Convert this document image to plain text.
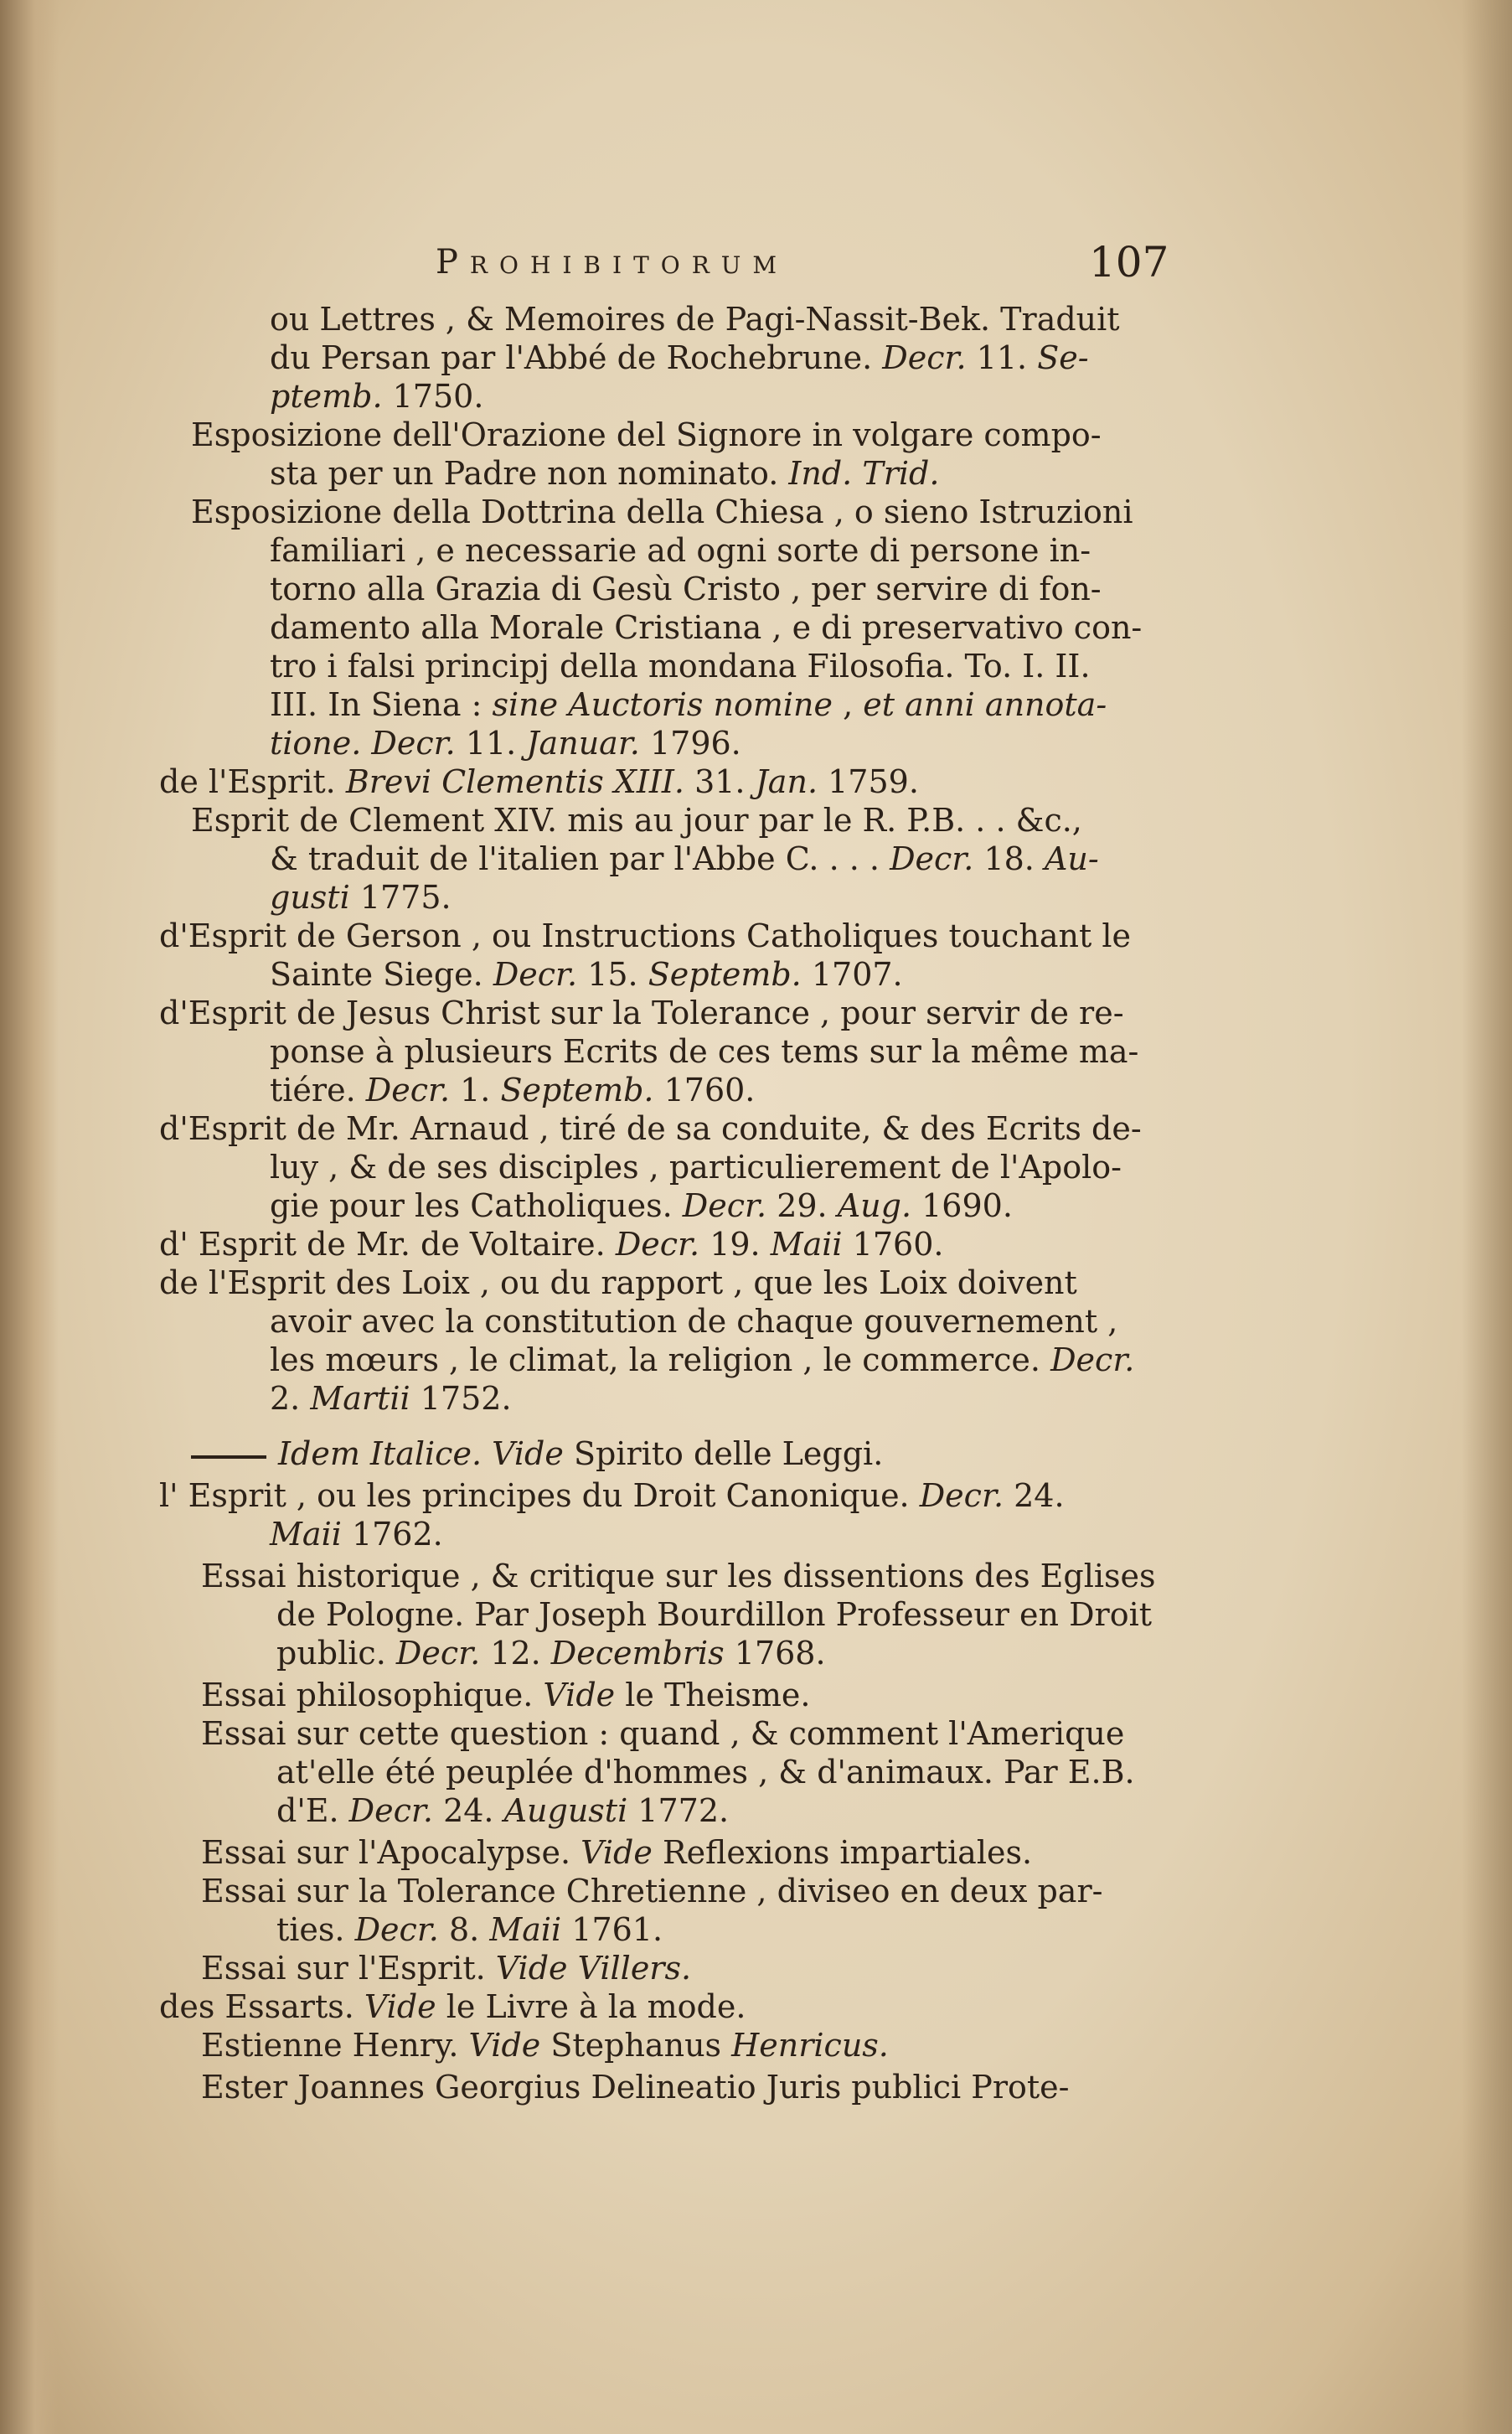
Prohibitorum	107
ou Lettres , & Memoires de Pagi-Nassit-Bek. Traduit
du Persan par l'Abbé de Rochebrune. Decr. 11. Se-
ptemb. 1750.
Esposizione dell'Orazione del Signore in volgare compo-
sta per un Padre non nominato. Ind. Trid.
Esposizione della Dottrina della Chiesa , o sieno Istruzioni
familiari , e necessarie ad ogni sorte di persone in-
torno alla Grazia di Gesù Cristo , per servire di fon-
damento alla Morale Cristiana , e di preservativo con-
tro i falsi principj della mondana Filosofia. To. I. II.
III. In Siena : sine Auctoris nomine , et anni annota-
tione. Decr. 11. Januar. 1796.
de l'Esprit. Brevi Clementis XIII. 31. Jan. 1759.
Esprit de Clement XIV. mis au jour par le R. P.B. . . &c.,
& traduit de l'italien par l'Abbe C. . . . Decr. 18. Au-
gusti 1775.
d'Esprit de Gerson , ou Instructions Catholiques touchant le
Sainte Siege. Decr. 15. Septemb. 1707.
d'Esprit de Jesus Christ sur la Tolerance , pour servir de re-
ponse à plusieurs Ecrits de ces tems sur la même ma-
tiére. Decr. 1. Septemb. 1760.
d'Esprit de Mr. Arnaud , tiré de sa conduite, & des Ecrits de-
luy , & de ses disciples , particulierement de l'Apolo-
gie pour les Catholiques. Decr. 29. Aug. 1690.
d' Esprit de Mr. de Voltaire. Decr. 19. Maii 1760.
de l'Esprit des Loix , ou du rapport , que les Loix doivent
avoir avec la constitution de chaque gouvernement ,
les mœurs , le climat, la religion , le commerce. Decr.
2. Martii 1752.
Idem Italice. Vide Spirito delle Leggi.
l' Esprit , ou les principes du Droit Canonique. Decr. 24.
Maii 1762.
Essai historique , & critique sur les dissentions des Eglises
de Pologne. Par Joseph Bourdillon Professeur en Droit
public. Decr. 12. Decembris 1768.
Essai philosophique. Vide le Theisme.
Essai sur cette question : quand , & comment l'Amerique
at'elle été peuplée d'hommes , & d'animaux. Par E.B.
d'E. Decr. 24. Augusti 1772.
Essai sur l'Apocalypse. Vide Reflexions impartiales.
Essai sur la Tolerance Chretienne , diviseo en deux par-
ties. Decr. 8. Maii 1761.
Essai sur l'Esprit. Vide Villers.
des Essarts. Vide le Livre à la mode.
Estienne Henry. Vide Stephanus Henricus.
Ester Joannes Georgius Delineatio Juris publici Prote-
